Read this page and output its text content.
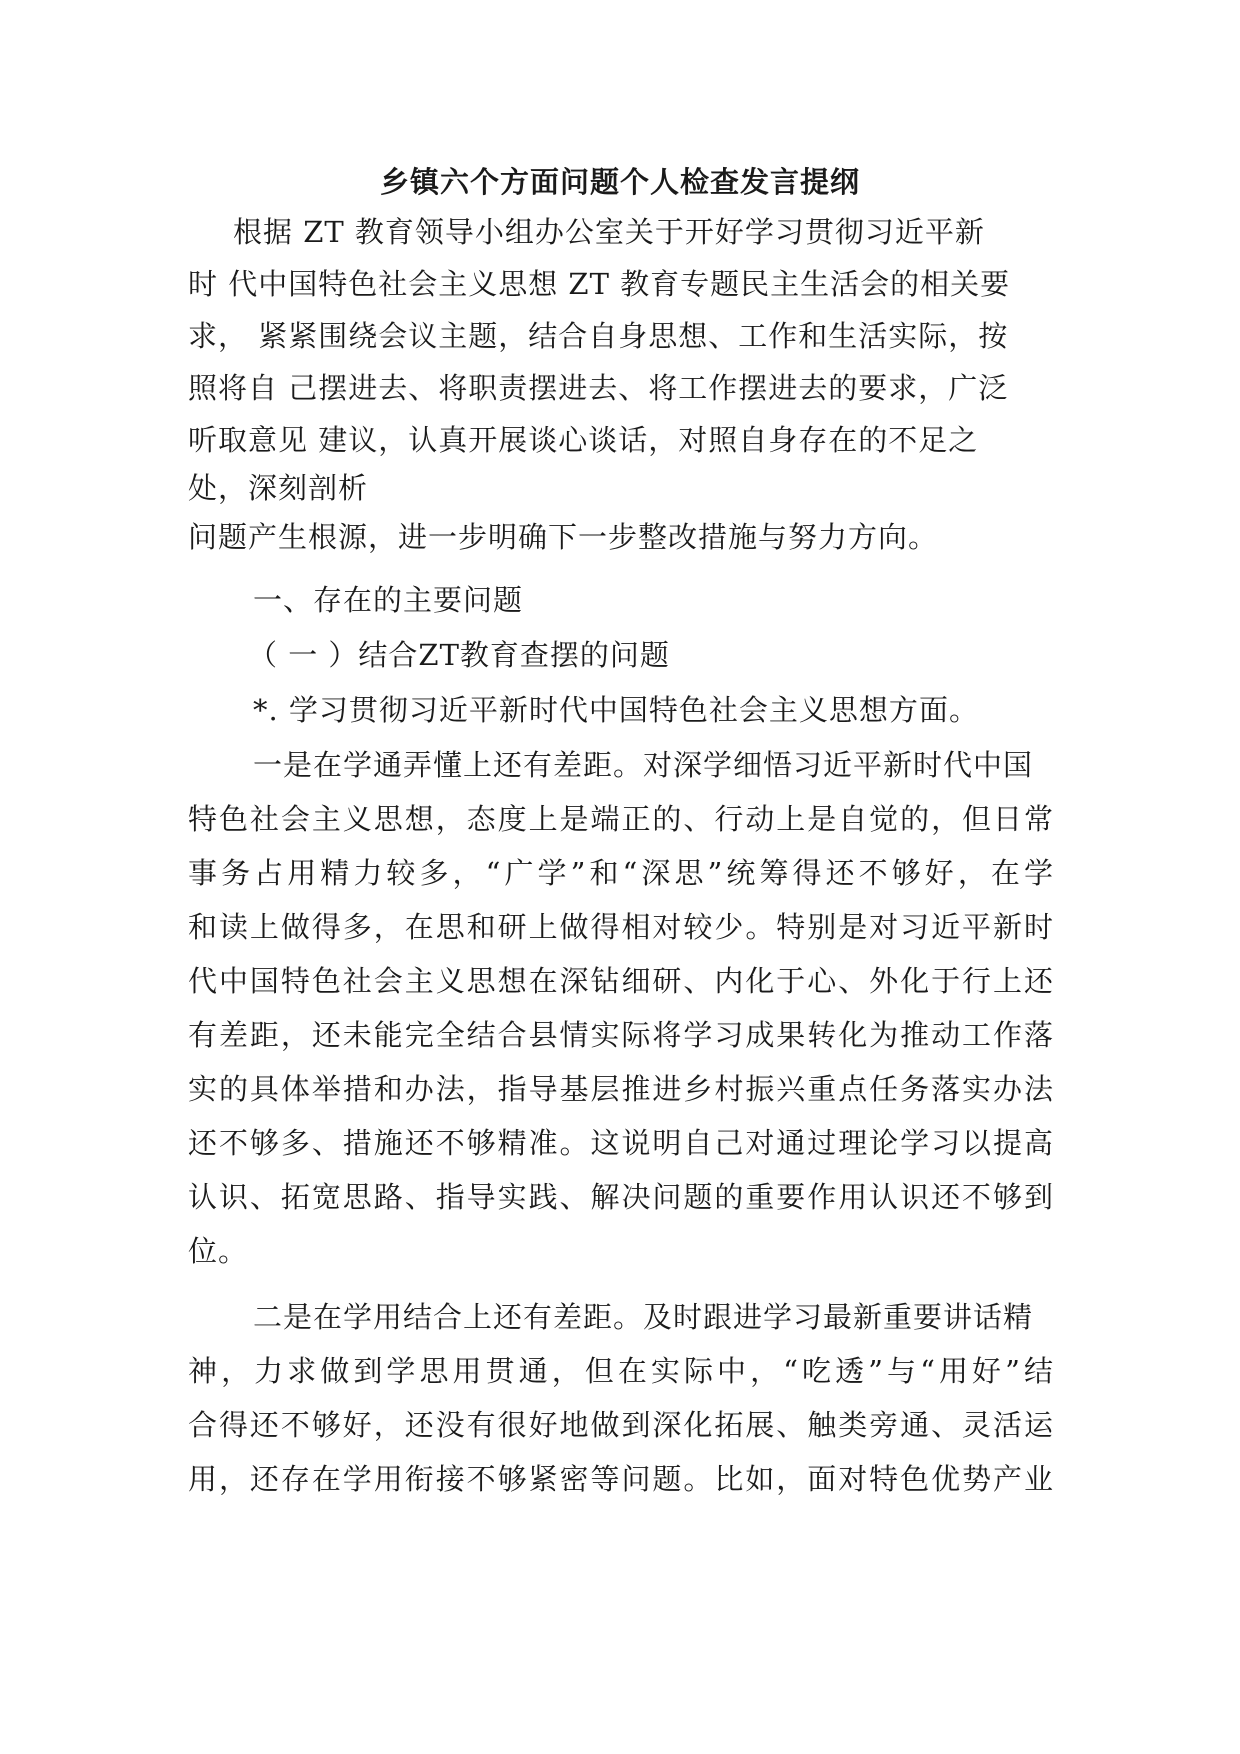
乡镇六个方面问题个人检查发言提纲
根据 ZT 教育领导小组办公室关于开好学习贯彻习近平新
时 代中国特色社会主义思想 ZT 教育专题民主生活会的相关要
求， 紧紧围绕会议主题，结合自身思想、工作和生活实际，按
照将自 己摆进去、将职责摆进去、将工作摆进去的要求，广泛
听取意见 建议，认真开展谈心谈话，对照自身存在的不足之
处，深刻剖析
问题产生根源，进一步明确下一步整改措施与努力方向。
一、存在的主要问题
（ 一 ）结合ZT教育查摆的问题
*. 学习贯彻习近平新时代中国特色社会主义思想方面。
一是在学通弄懂上还有差距。对深学细悟习近平新时代中国
特色社会主义思想，态度上是端正的、行动上是自觉的，但日常
事务占用精力较多，“广学”和“深思”统筹得还不够好，在学
和读上做得多，在思和研上做得相对较少。特别是对习近平新时
代中国特色社会主义思想在深钻细研、内化于心、外化于行上还
有差距，还未能完全结合县情实际将学习成果转化为推动工作落
实的具体举措和办法，指导基层推进乡村振兴重点任务落实办法
还不够多、措施还不够精准。这说明自己对通过理论学习以提高
认识、拓宽思路、指导实践、解决问题的重要作用认识还不够到
位。
二是在学用结合上还有差距。及时跟进学习最新重要讲话精
神，力求做到学思用贯通，但在实际中，“吃透”与“用好”结
合得还不够好，还没有很好地做到深化拓展、触类旁通、灵活运
用，还存在学用衔接不够紧密等问题。比如，面对特色优势产业
